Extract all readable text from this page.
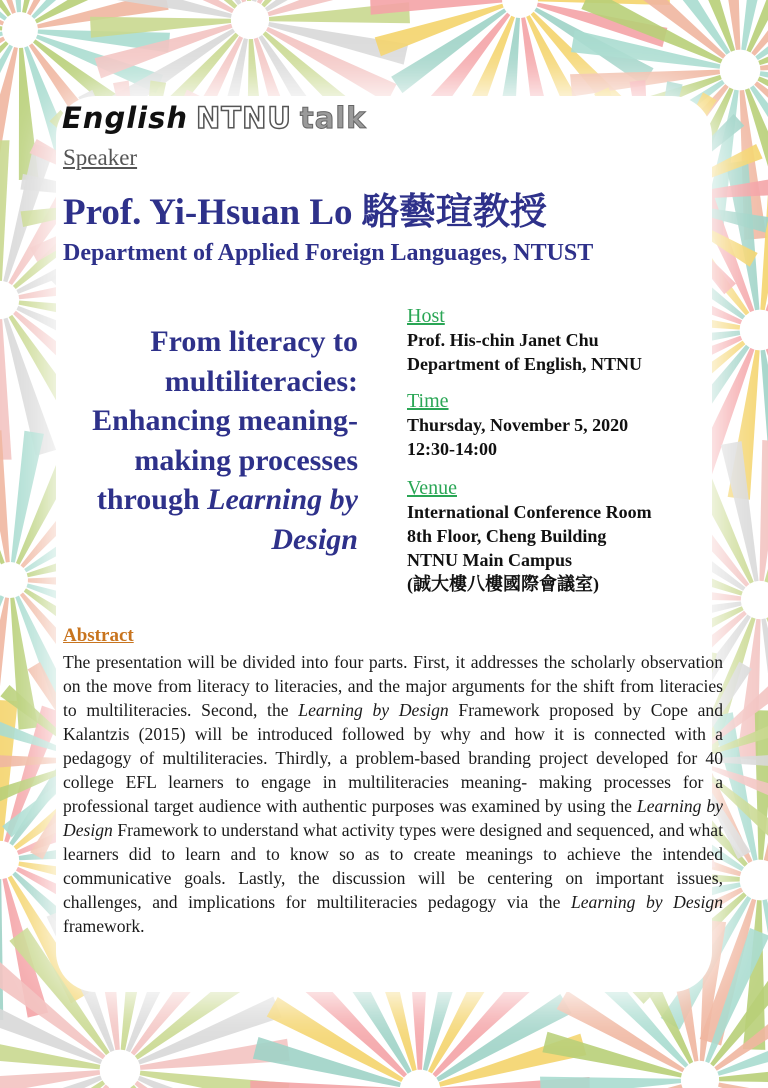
English NTNU talk
Speaker
Prof. Yi-Hsuan Lo 駱藝瑄教授
Department of Applied Foreign Languages, NTUST
From literacy to
multiliteracies:
Enhancing meaning-
making processes
through Learning by
Design
Host
Prof. His-chin Janet Chu
Department of English, NTNU
Time
Thursday, November 5, 2020
12:30-14:00
Venue
International Conference Room
8th Floor, Cheng Building
NTNU Main Campus
(誠大樓八樓國際會議室)
Abstract
The presentation will be divided into four parts. First, it addresses the scholarly observation on the move from literacy to literacies, and the major arguments for the shift from literacies to multiliteracies. Second, the Learning by Design Framework proposed by Cope and Kalantzis (2015) will be introduced followed by why and how it is connected with a pedagogy of multiliteracies. Thirdly, a problem-based branding project developed for 40 college EFL learners to engage in multiliteracies meaning- making processes for a professional target audience with authentic purposes was examined by using the Learning by Design Framework to understand what activity types were designed and sequenced, and what learners did to learn and to know so as to create meanings to achieve the intended communicative goals. Lastly, the discussion will be centering on important issues, challenges, and implications for multiliteracies pedagogy via the Learning by Design framework.
